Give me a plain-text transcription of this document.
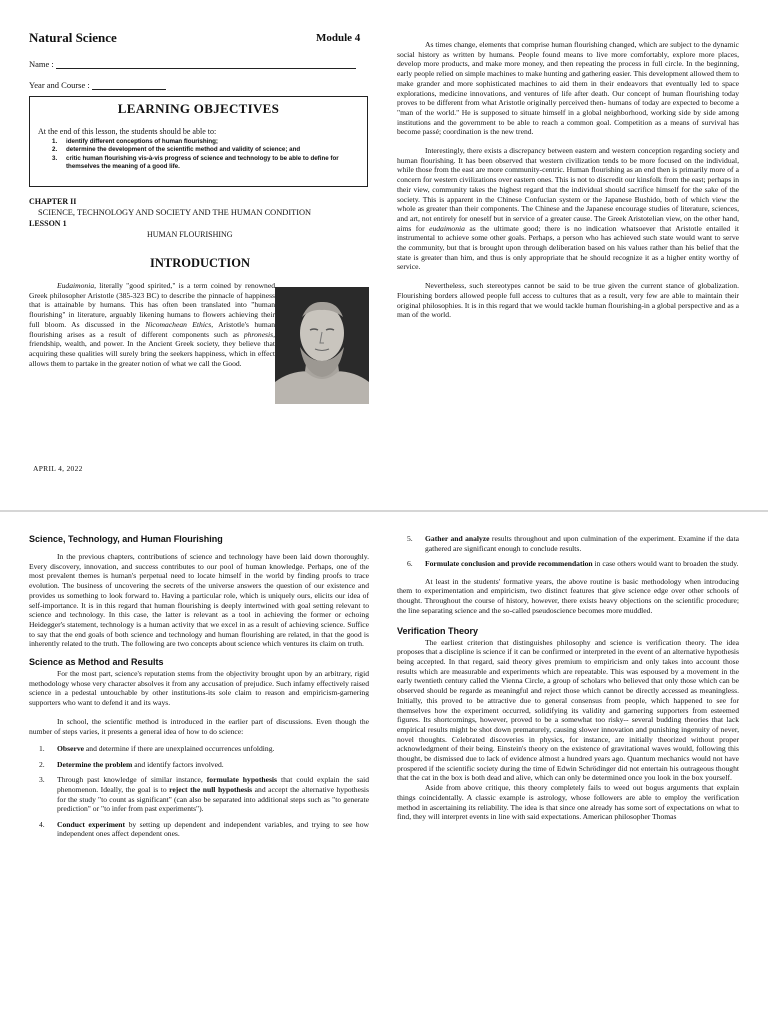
Natural Science	Module 4
Name :
Year and Course :
LEARNING OBJECTIVES
At the end of this lesson, the students should be able to:
1. identify different conceptions of human flourishing;
2. determine the development of the scientific method and validity of science; and
3. critic human flourishing vis-à-vis progress of science and technology to be able to define for themselves the meaning of a good life.
CHAPTER II
SCIENCE, TECHNOLOGY AND SOCIETY AND THE HUMAN CONDITION
LESSON 1
HUMAN FLOURISHING
INTRODUCTION

Eudaimonia, literally "good spirited," is a term coined by renowned Greek philosopher Aristotle (385-323 BC) to describe the pinnacle of happiness that is attainable by humans. This has often been translated into "human flourishing" in literature, arguably likening humans to flowers achieving their full bloom. As discussed in the Nicomachean Ethics, Aristotle's human flourishing arises as a result of different components such as phronesis, friendship, wealth, and power. In the Ancient Greek society, they believe that acquiring these qualities will surely bring the seekers happiness, which in effect allows them to partake in the greater notion of what we call the Good.

APRIL 4, 2022

As times change, elements that comprise human flourishing changed, which are subject to the dynamic social history as written by humans. People found means to live more comfortably, explore more places, develop more products, and make more money, and then repeating the process in full circle. In the beginning, early people relied on simple machines to make hunting and gathering easier. This development allowed them to make grander and more sophisticated machines to aid them in their endeavors that eventually led to space explorations, medicine innovations, and ventures of life after death. Our concept of human flourishing today proves to be different from what Aristotle originally perceived then- humans of today are expected to become a "man of the world." He is supposed to situate himself in a global neighborhood, working side by side among institutions and the government to be able to reach a common goal. Competition as a means of survival has become passé; coordination is the new trend.

Interestingly, there exists a discrepancy between eastern and western conception regarding society and human flourishing. It has been observed that western civilization tends to be more focused on the individual, while those from the east are more community-centric. Human flourishing as an end then is primarily more of a concern for western civilizations over eastern ones. This is not to discredit our kinsfolk from the east; perhaps in their view, community takes the highest regard that the individual should sacrifice himself for the sake of the society. This is apparent in the Chinese Confucian system or the Japanese Bushido, both of which view the whole as greater than their components. The Chinese and the Japanese encourage studies of literature, sciences, and art, not entirely for oneself but in service of a greater cause. The Greek Aristotelian view, on the other hand, aims for eudaimonia as the ultimate good; there is no indication whatsoever that Aristotle entailed it instrumental to achieve some other goals. Perhaps, a person who has achieved such state would want to serve the community, but that is brought upon through deliberation based on his values rather than his belief that the state is greater than him, and thus is only appropriate that he should recognize it as a higher entity worthy of service.

Nevertheless, such stereotypes cannot be said to be true given the current stance of globalization. Flourishing borders allowed people full access to cultures that as a result, very few are able to maintain their original philosophies. It is in this regard that we would tackle human flourishing-in a global perspective and as a man of the world.

Science, Technology, and Human Flourishing

In the previous chapters, contributions of science and technology have been laid down thoroughly. Every discovery, innovation, and success contributes to our pool of human knowledge. Perhaps, one of the most prevalent themes is human's perpetual need to locate himself in the world by finding proofs to trace evolution. The business of uncovering the secrets of the universe answers the question of our existence and provides us something to look forward to. Having a particular role, which is uniquely ours, elicits our idea of self-importance. It is in this regard that human flourishing is deeply intertwined with goal setting relevant to science and technology. In this case, the latter is relevant as a tool in achieving the former or echoing Heidegger's statement, technology is a human activity that we excel in as a result of achieving science. Suffice to say that the end goals of both science and technology and human flourishing are related, in that the good is inherently related to the truth. The following are two concepts about science which ventures its claim on truth.

Science as Method and Results

For the most part, science's reputation stems from the objectivity brought upon by an arbitrary, rigid methodology whose very character absolves it from any accusation of prejudice. Such infamy effectively raised science in a pedestal untouchable by other institutions-its sole claim to reason and empiricism-garnering supporters who want to defend it and its ways.

In school, the scientific method is introduced in the earlier part of discussions. Even though the number of steps varies, it presents a general idea of how to do science:

1. Observe and determine if there are unexplained occurrences unfolding.
2. Determine the problem and identify factors involved.
3. Through past knowledge of similar instance, formulate hypothesis that could explain the said phenomenon. Ideally, the goal is to reject the null hypothesis and accept the alternative hypothesis for the study "to count as significant" (can also be separated into additional steps such as "to generate prediction" or "to infer from past experiments").
4. Conduct experiment by setting up dependent and independent variables, and trying to see how independent ones affect dependent ones.
5. Gather and analyze results throughout and upon culmination of the experiment. Examine if the data gathered are significant enough to conclude results.
6. Formulate conclusion and provide recommendation in case others would want to broaden the study.

At least in the students' formative years, the above routine is basic methodology when introducing them to experimentation and empiricism, two distinct features that give science edge over other schools of thought. Throughout the course of history, however, there exists heavy objections on the scientific procedure; the line separating science and the so-called pseudoscience becomes more muddled.

Verification Theory

The earliest criterion that distinguishes philosophy and science is verification theory. The idea proposes that a discipline is science if it can be confirmed or interpreted in the event of an alternative hypothesis being accepted. In that regard, said theory gives premium to empiricism and only takes into account those results which are measurable and experiments which are repeatable. This was espoused by a movement in the early twentieth century called the Vienna Circle, a group of scholars who believed that only those which can be observed should be regarde as meaningful and reject those which cannot be directly accessed as meaningless. Initially, this proved to be attractive due to general consensus from people, which happened to see for themselves how the experiment occurred, solidifying its validity and garnering supporters from esteemed figures. Its shortcomings, however, proved to be a somewhat too risky-- several budding theories that lack empirical results might be shot down prematurely, causing slower innovation and punishing ingenuity of never, novel thoughts. Celebrated discoveries in physics, for instance, are initially theorized without proper acknowledgment of their being. Einstein's theory on the existence of gravitational waves would, following this thought, be dismissed due to lack of evidence almost a hundred years ago. Quantum mechanics would not have prospered if the scientific society during the time of Edwin Schrödinger did not entertain his outrageous thought that the cat in the box is both dead and alive, which can only be determined once you look in the box yourself.

Aside from above critique, this theory completely fails to weed out bogus arguments that explain things coincidentally. A classic example is astrology, whose followers are able to employ the verification method in ascertaining its reliability. The idea is that since one already has some sort of expectations on what to find, they will interpret events in line with said expectations. American philosopher Thomas
